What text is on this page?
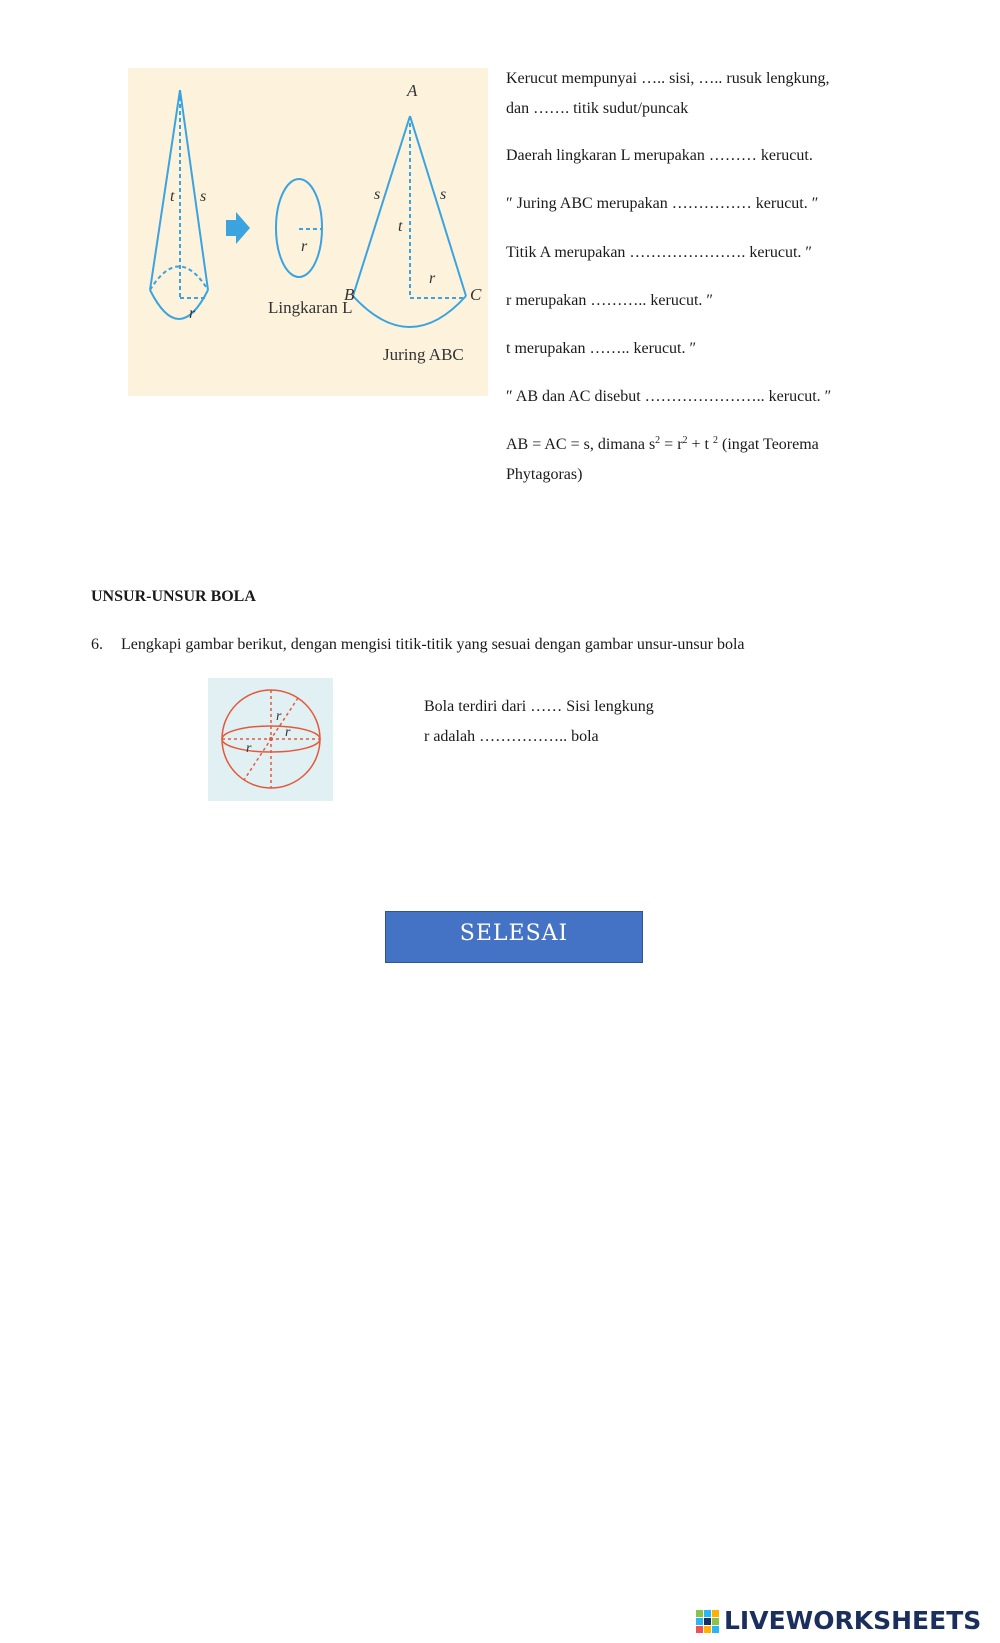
t s
r
r
Lingkaran L
A
B	C
s	s
t
r
Juring ABC
Kerucut mempunyai ….. sisi, ….. rusuk lengkung,
dan ……. titik sudut/puncak
Daerah lingkaran L merupakan ……… kerucut.
″ Juring ABC merupakan …………… kerucut. ″
Titik A merupakan …………………. kerucut. ″
r merupakan ……….. kerucut. ″
t merupakan …….. kerucut. ″
″ AB dan AC disebut ………………….. kerucut. ″
AB = AC = s, dimana $s^2 = r^2 + t$ $^2$ (ingat Teorema
Phytagoras)
UNSUR-UNSUR BOLA
6. Lengkapi gambar berikut, dengan mengisi titik-titik yang sesuai dengan gambar unsur-unsur bola
r
r
r
Bola terdiri dari …… Sisi lengkung
r adalah …………….. bola
SELESAI
LIVEWORKSHEETS
